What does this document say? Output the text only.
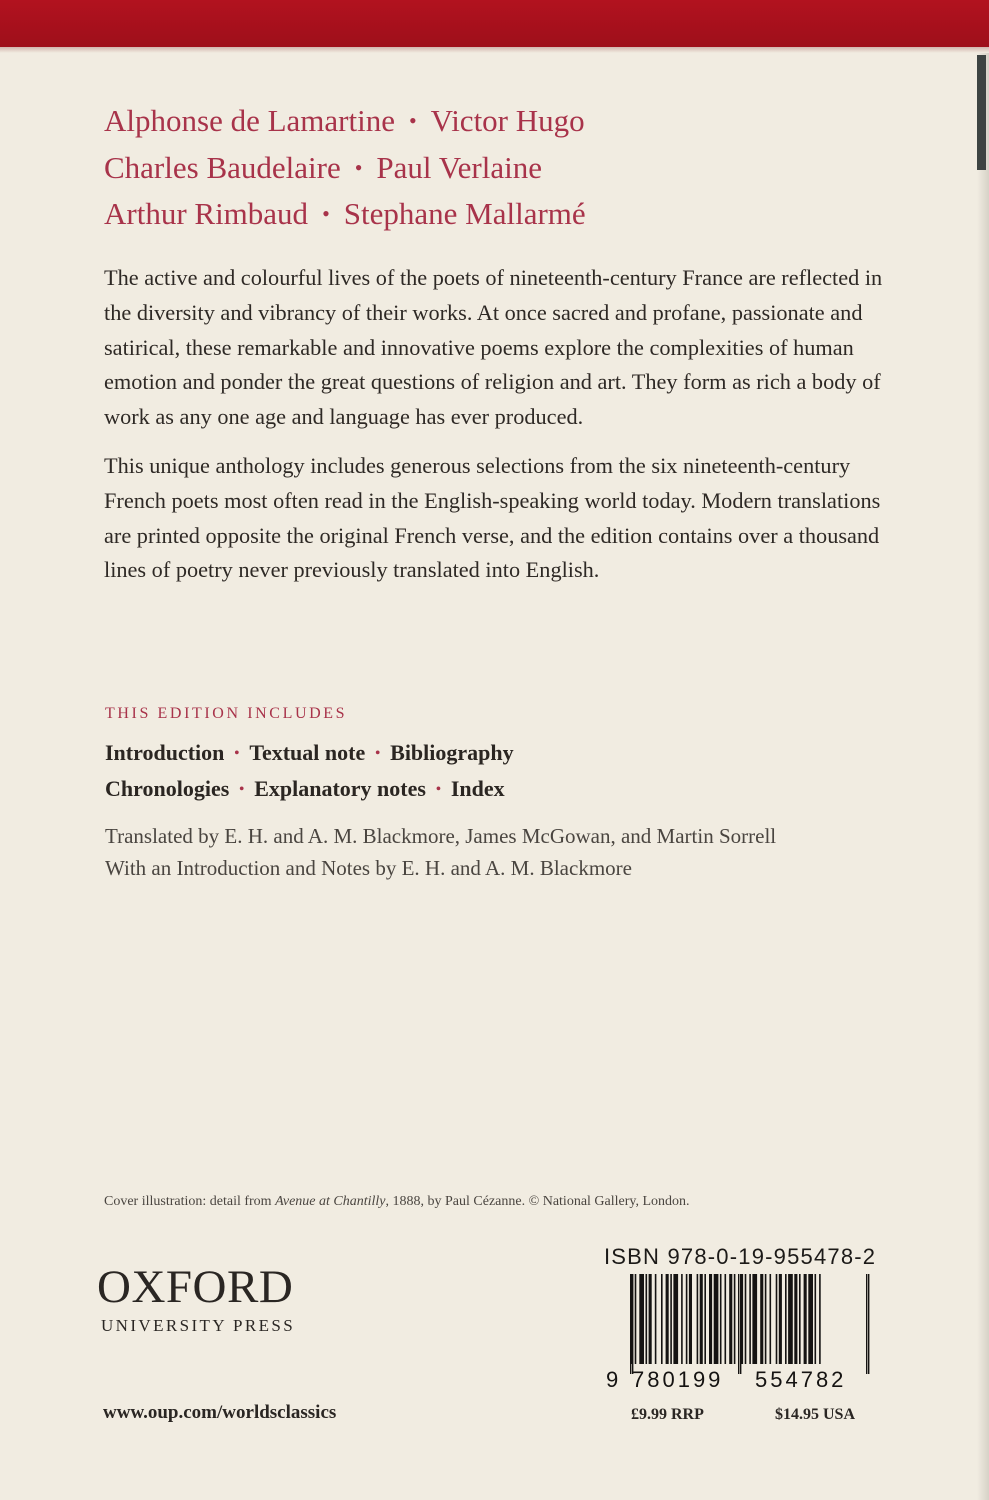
Alphonse de Lamartine • Victor Hugo
Charles Baudelaire • Paul Verlaine
Arthur Rimbaud • Stephane Mallarmé

The active and colourful lives of the poets of nineteenth-century France are reflected in the diversity and vibrancy of their works. At once sacred and profane, passionate and satirical, these remarkable and innovative poems explore the complexities of human emotion and ponder the great questions of religion and art. They form as rich a body of work as any one age and language has ever produced.

This unique anthology includes generous selections from the six nineteenth-century French poets most often read in the English-speaking world today. Modern translations are printed opposite the original French verse, and the edition contains over a thousand lines of poetry never previously translated into English.

THIS EDITION INCLUDES
Introduction • Textual note • Bibliography
Chronologies • Explanatory notes • Index
Translated by E. H. and A. M. Blackmore, James McGowan, and Martin Sorrell
With an Introduction and Notes by E. H. and A. M. Blackmore
Cover illustration: detail from Avenue at Chantilly, 1888, by Paul Cézanne. © National Gallery, London.
OXFORD
UNIVERSITY PRESS
www.oup.com/worldsclassics
ISBN 978-0-19-955478-2
9 780199 554782
£9.99 RRP	$14.95 USA
